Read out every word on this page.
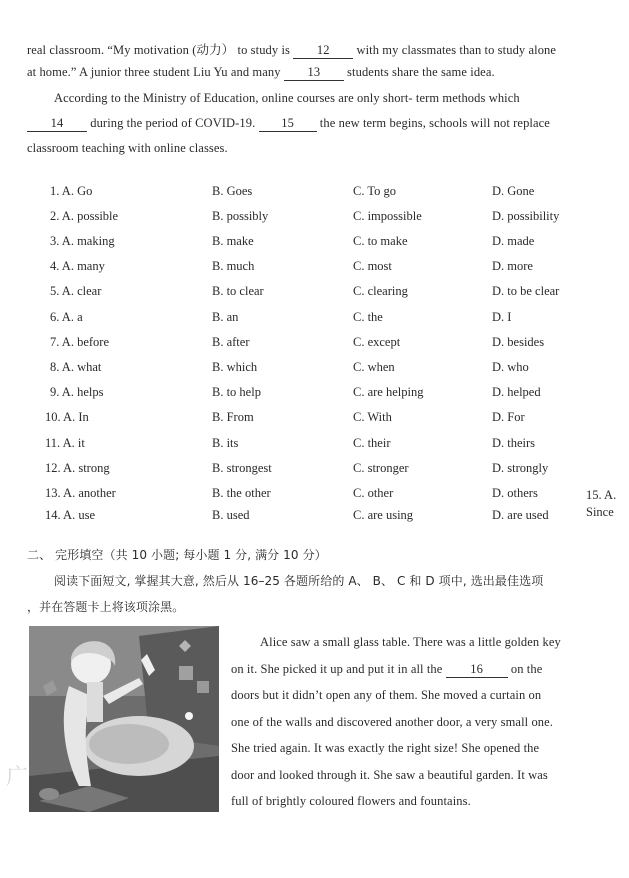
real classroom. “My motivation (动力） to study is 12 with my classmates than to study alone
at home.” A junior three student Liu Yu and many 13 students share the same idea.
According to the Ministry of Education, online courses are only short- term methods which
14 during the period of COVID-19. 15 the new term begins, schools will not replace
classroom teaching with online classes.
1. A. Go	B. Goes	C. To go	D. Gone
2. A. possible	B. possibly	C. impossible	D. possibility
3. A. making	B. make	C. to make	D. made
4. A. many	B. much	C. most	D. more
5. A. clear	B. to clear	C. clearing	D. to be clear
6. A. a	B. an	C. the	D. I
7. A. before	B. after	C. except	D. besides
8. A. what	B. which	C. when	D. who
9. A. helps	B. to help	C. are helping	D. helped
10. A. In	B. From	C. With	D. For
11. A. it	B. its	C. their	D. theirs
12. A. strong	B. strongest	C. stronger	D. strongly
13. A. another	B. the other	C. other	D. others
14. A. use	B. used	C. are using	D. are used
15. A.
Since
二、 完形填空（共 10 小题; 每小题 1 分, 满分 10 分）
阅读下面短文, 掌握其大意, 然后从 16–25 各题所给的 A、 B、 C 和 D 项中, 选出最佳选项
，并在答题卡上将该项涂黑。
广
Alice saw a small glass table. There was a little golden key
on it. She picked it up and put it in all the 16 on the
doors but it didn’t open any of them. She moved a curtain on
one of the walls and discovered another door, a very small one.
She tried again. It was exactly the right size! She opened the
door and looked through it. She saw a beautiful garden. It was
full of brightly coloured flowers and fountains.
